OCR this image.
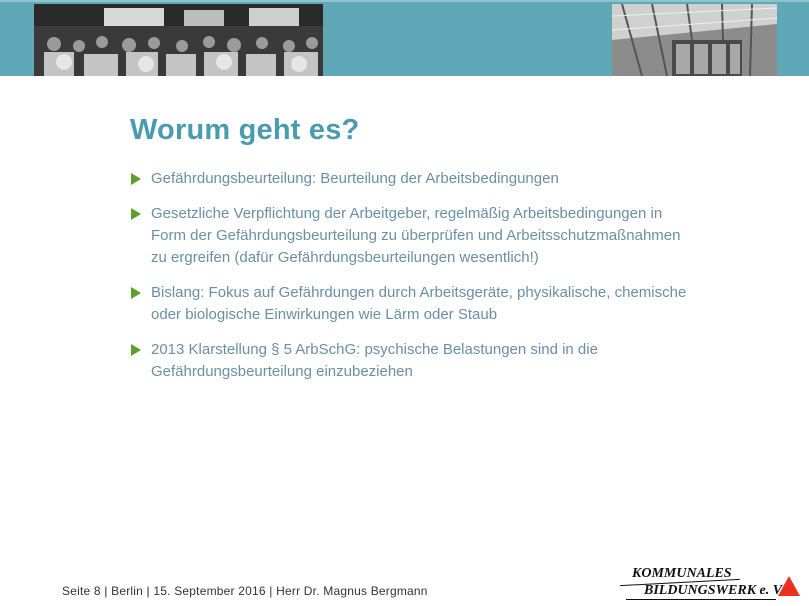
Worum geht es?
Gefährdungsbeurteilung: Beurteilung der Arbeitsbedingungen
Gesetzliche Verpflichtung der Arbeitgeber, regelmäßig Arbeitsbedingungen in
Form der Gefährdungsbeurteilung zu überprüfen und Arbeitsschutzmaßnahmen
zu ergreifen (dafür Gefährdungsbeurteilungen wesentlich!)
Bislang: Fokus auf Gefährdungen durch Arbeitsgeräte, physikalische, chemische
oder biologische Einwirkungen wie Lärm oder Staub
2013 Klarstellung § 5 ArbSchG: psychische Belastungen sind in die
Gefährdungsbeurteilung einzubeziehen
Seite 8 | Berlin | 15. September 2016 | Herr Dr. Magnus Bergmann
KOMMUNALES
BILDUNGSWERK e. V.
